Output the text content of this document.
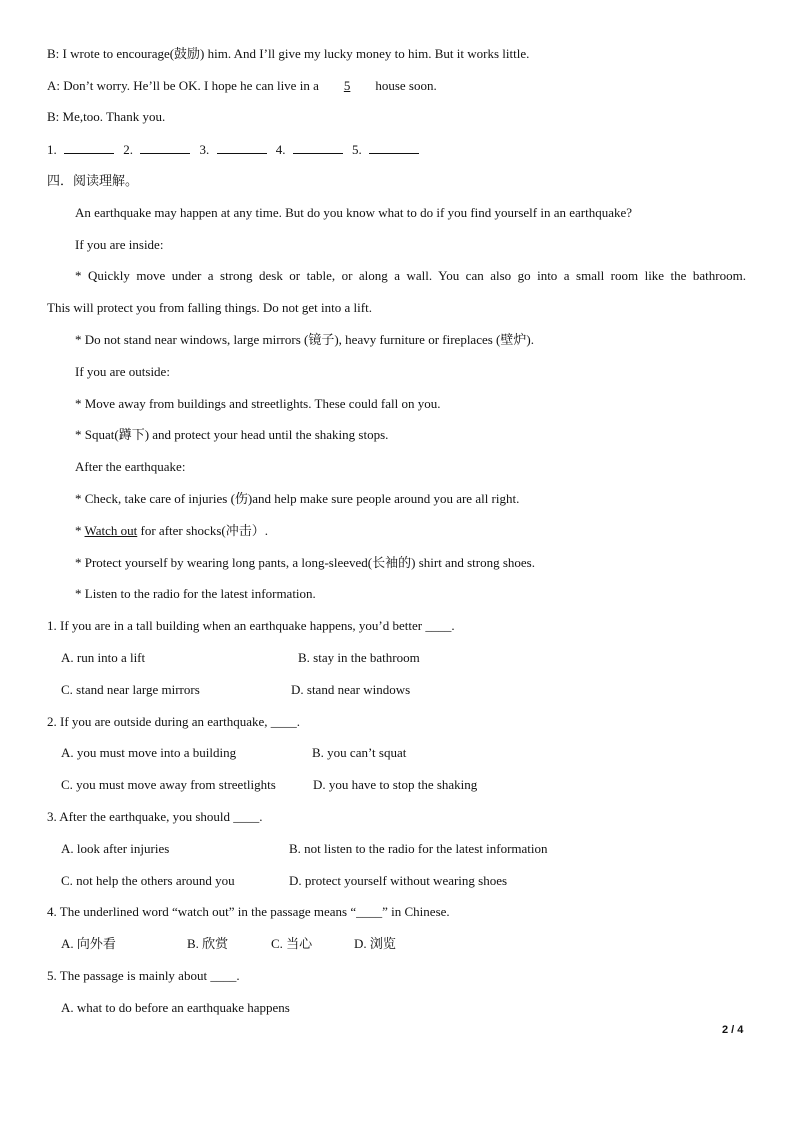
B: I wrote to encourage(鼓励) him. And I’ll give my lucky money to him. But it works little.
A: Don’t worry. He’ll be OK. I hope he can live in a 5 house soon.
B: Me,too. Thank you.
1.	2.	3.	4.	5.
四．阅读理解。
An earthquake may happen at any time. But do you know what to do if you find yourself in an earthquake?
If you are inside:
* Quickly move under a strong desk or table, or along a wall. You can also go into a small room like the bathroom.
This will protect you from falling things. Do not get into a lift.
* Do not stand near windows, large mirrors (镜子), heavy furniture or fireplaces (壁炉).
If you are outside:
* Move away from buildings and streetlights. These could fall on you.
* Squat(蹲下) and protect your head until the shaking stops.
After the earthquake:
* Check, take care of injuries (伤)and help make sure people around you are all right.
* Watch out for after shocks(冲击）.
* Protect yourself by wearing long pants, a long-sleeved(长袖的) shirt and strong shoes.
* Listen to the radio for the latest information.
1. If you are in a tall building when an earthquake happens, you’d better ____.
A. run into a lift	B. stay in the bathroom
C. stand near large mirrors	D. stand near windows
2. If you are outside during an earthquake, ____.
A. you must move into a building	B. you can’t squat
C. you must move away from streetlights	D. you have to stop the shaking
3. After the earthquake, you should ____.
A. look after injuries	B. not listen to the radio for the latest information
C. not help the others around you	D. protect yourself without wearing shoes
4. The underlined word “watch out” in the passage means “____” in Chinese.
A. 向外看	B. 欣赏	C. 当心	D. 浏览
5. The passage is mainly about ____.
A. what to do before an earthquake happens
2 / 4
